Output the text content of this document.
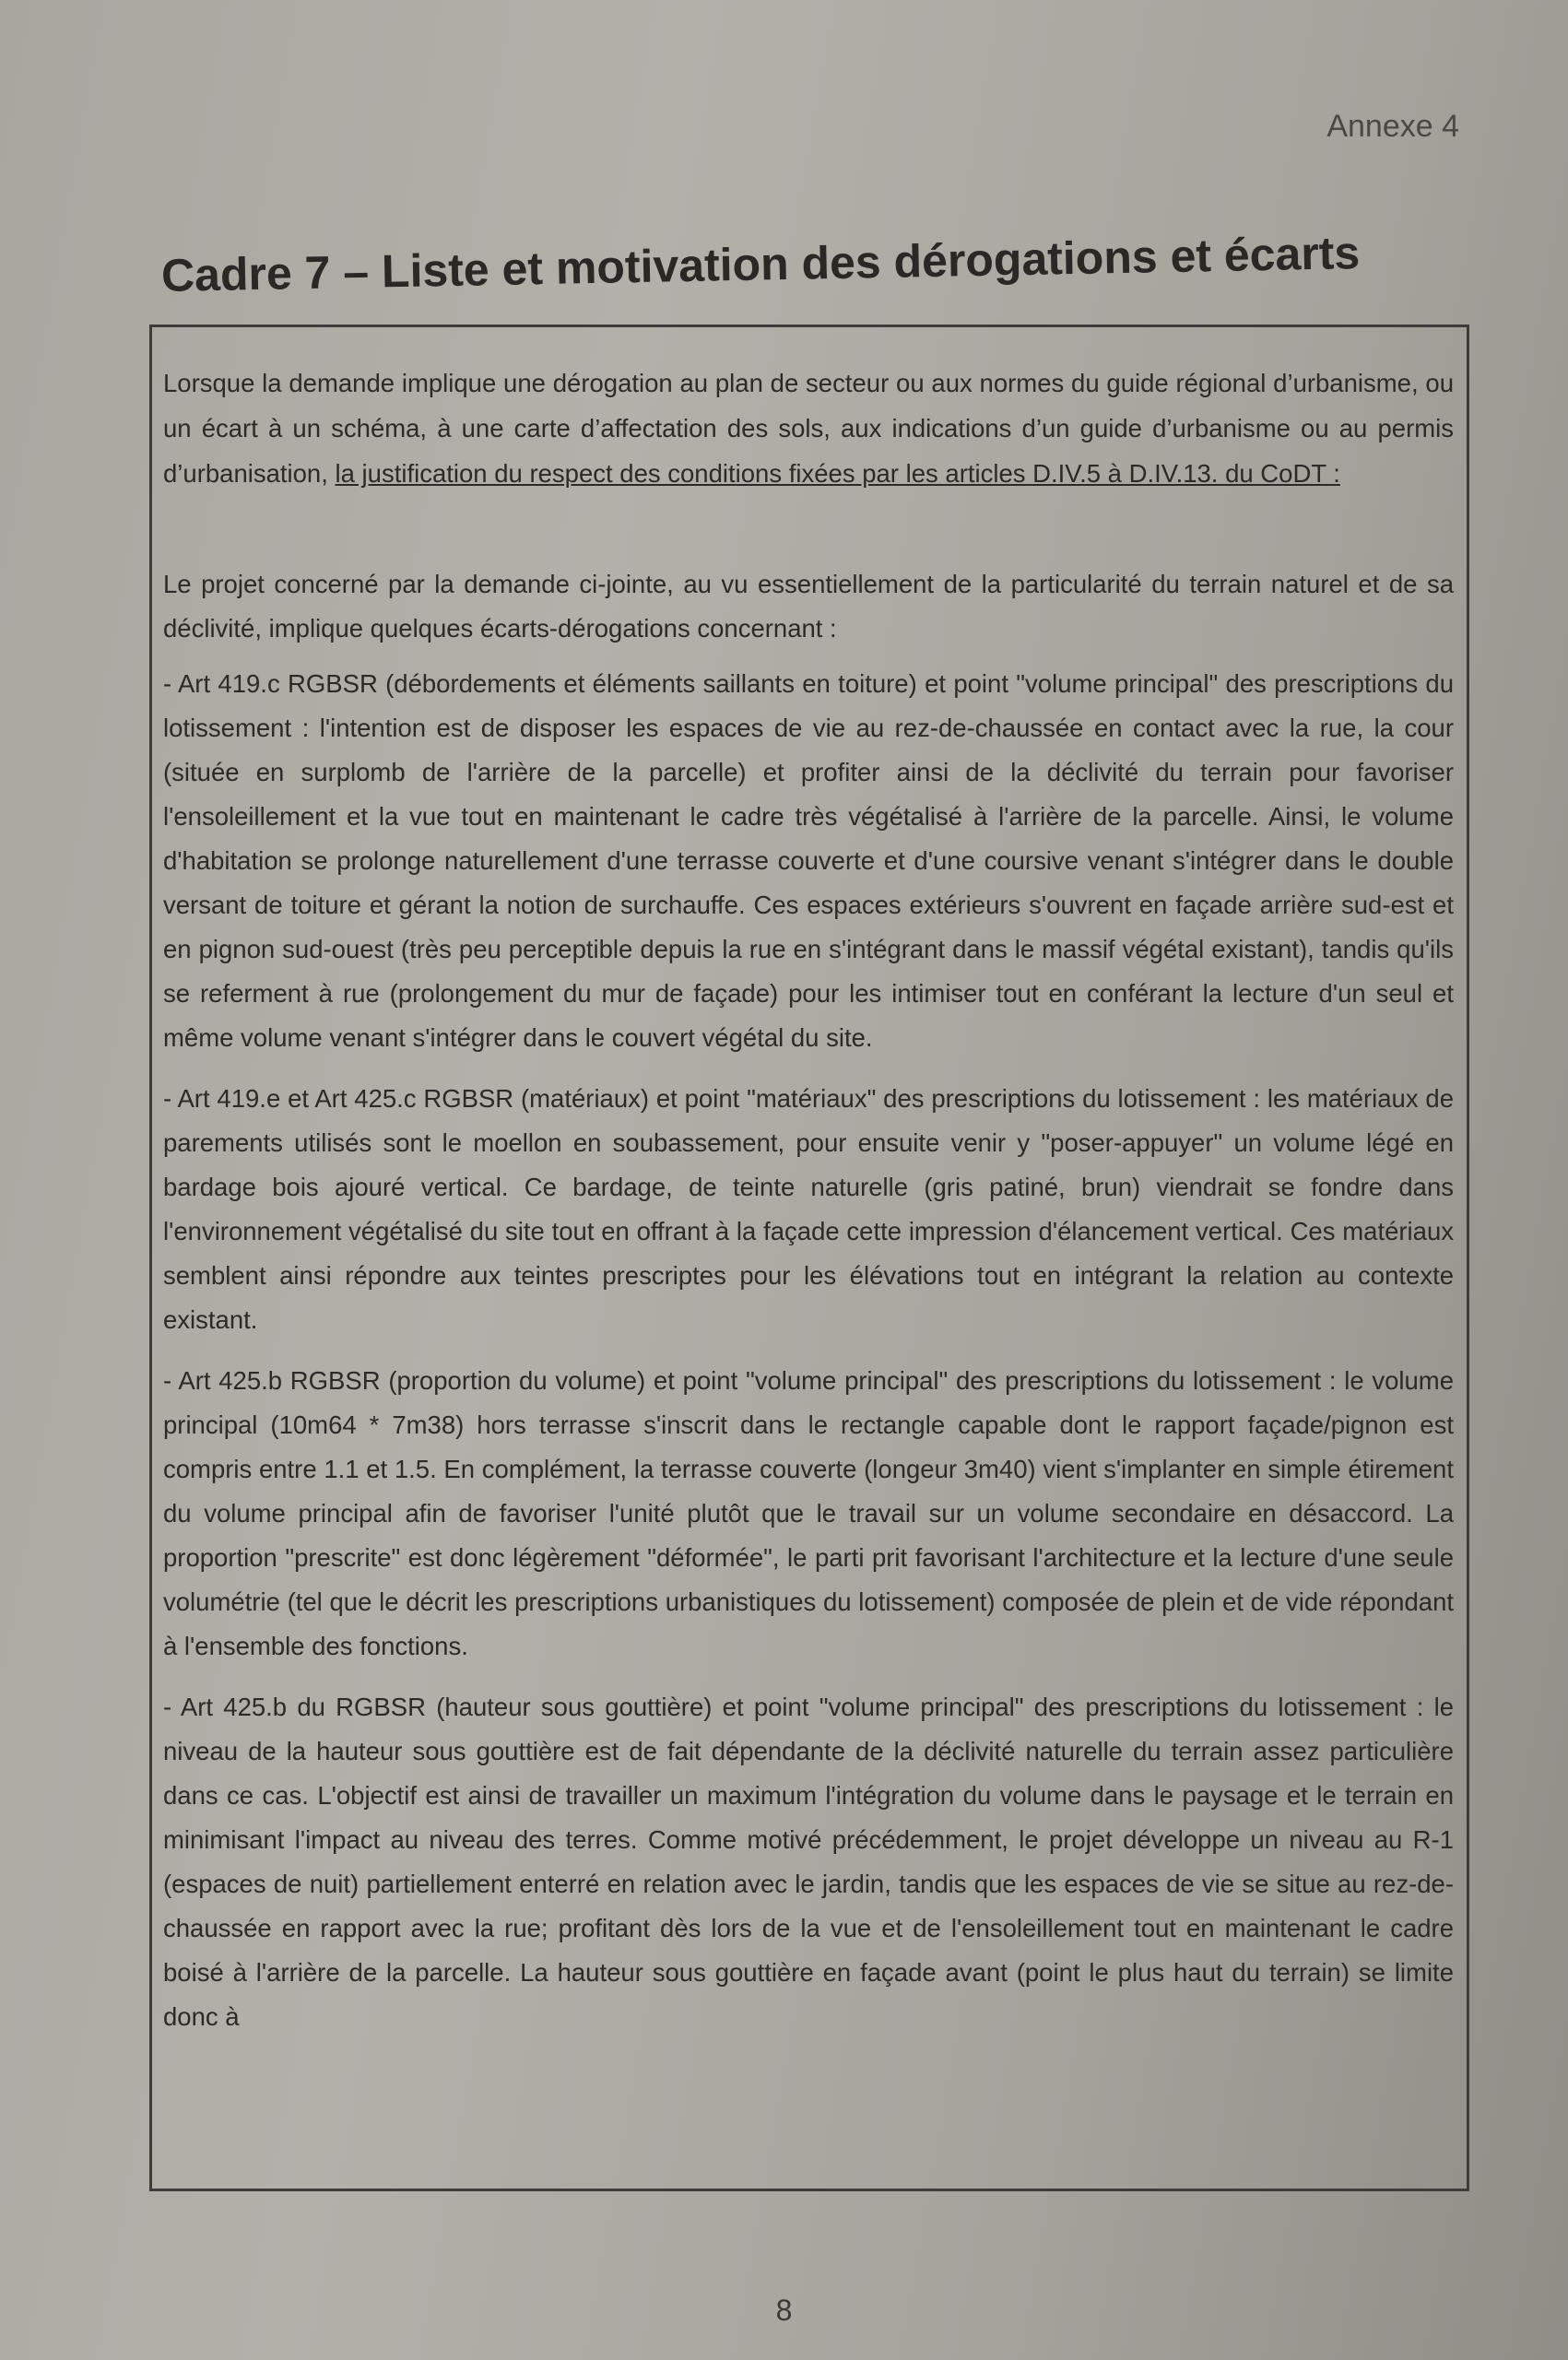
Annexe 4
Cadre 7 – Liste et motivation des dérogations et écarts

Lorsque la demande implique une dérogation au plan de secteur ou aux normes du guide régional d’urbanisme, ou un écart à un schéma, à une carte d’affectation des sols, aux indications d’un guide d’urbanisme ou au permis d’urbanisation, la justification du respect des conditions fixées par les articles D.IV.5 à D.IV.13. du CoDT :

Le projet concerné par la demande ci-jointe, au vu essentiellement de la particularité du terrain naturel et de sa déclivité, implique quelques écarts-dérogations concernant :

- Art 419.c RGBSR (débordements et éléments saillants en toiture) et point "volume principal" des prescriptions du lotissement : l'intention est de disposer les espaces de vie au rez-de-chaussée en contact avec la rue, la cour (située en surplomb de l'arrière de la parcelle) et profiter ainsi de la déclivité du terrain pour favoriser l'ensoleillement et la vue tout en maintenant le cadre très végétalisé à l'arrière de la parcelle. Ainsi, le volume d'habitation se prolonge naturellement d'une terrasse couverte et d'une coursive venant s'intégrer dans le double versant de toiture et gérant la notion de surchauffe. Ces espaces extérieurs s'ouvrent en façade arrière sud-est et en pignon sud-ouest (très peu perceptible depuis la rue en s'intégrant dans le massif végétal existant), tandis qu'ils se referment à rue (prolongement du mur de façade) pour les intimiser tout en conférant la lecture d'un seul et même volume venant s'intégrer dans le couvert végétal du site.

- Art 419.e et Art 425.c RGBSR (matériaux) et point "matériaux" des prescriptions du lotissement : les matériaux de parements utilisés sont le moellon en soubassement, pour ensuite venir y "poser-appuyer" un volume légé en bardage bois ajouré vertical. Ce bardage, de teinte naturelle (gris patiné, brun) viendrait se fondre dans l'environnement végétalisé du site tout en offrant à la façade cette impression d'élancement vertical. Ces matériaux semblent ainsi répondre aux teintes prescriptes pour les élévations tout en intégrant la relation au contexte existant.

- Art 425.b RGBSR (proportion du volume) et point "volume principal" des prescriptions du lotissement : le volume principal (10m64 * 7m38) hors terrasse s'inscrit dans le rectangle capable dont le rapport façade/pignon est compris entre 1.1 et 1.5. En complément, la terrasse couverte (longeur 3m40) vient s'implanter en simple étirement du volume principal afin de favoriser l'unité plutôt que le travail sur un volume secondaire en désaccord. La proportion "prescrite" est donc légèrement "déformée", le parti prit favorisant l'architecture et la lecture d'une seule volumétrie (tel que le décrit les prescriptions urbanistiques du lotissement) composée de plein et de vide répondant à l'ensemble des fonctions.

- Art 425.b du RGBSR (hauteur sous gouttière) et point "volume principal" des prescriptions du lotissement : le niveau de la hauteur sous gouttière est de fait dépendante de la déclivité naturelle du terrain assez particulière dans ce cas. L'objectif est ainsi de travailler un maximum l'intégration du volume dans le paysage et le terrain en minimisant l'impact au niveau des terres. Comme motivé précédemment, le projet développe un niveau au R-1 (espaces de nuit) partiellement enterré en relation avec le jardin, tandis que les espaces de vie se situe au rez-de-chaussée en rapport avec la rue; profitant dès lors de la vue et de l'ensoleillement tout en maintenant le cadre boisé à l'arrière de la parcelle. La hauteur sous gouttière en façade avant (point le plus haut du terrain) se limite donc à

8
